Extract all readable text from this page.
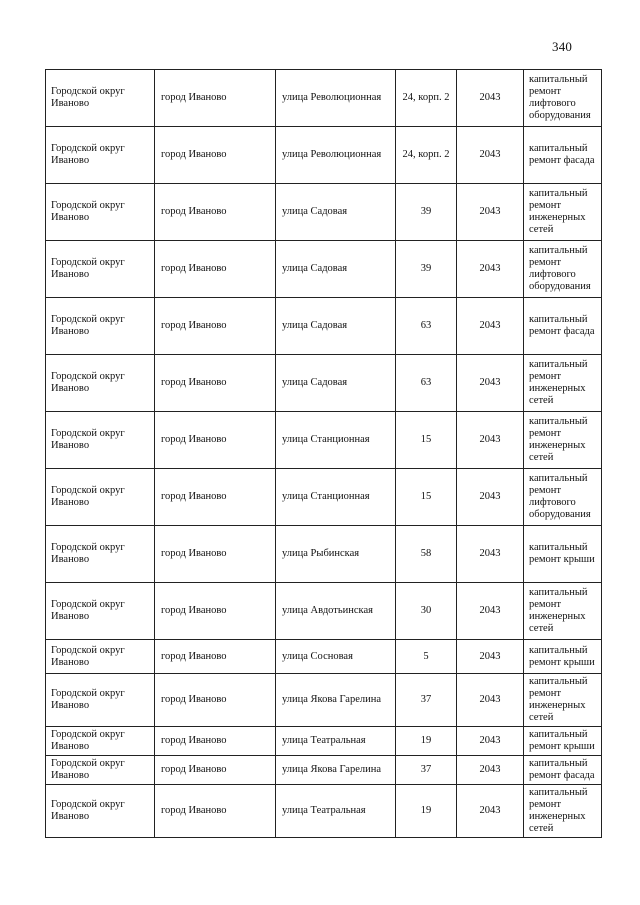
340
Городской округ Иваново	город Иваново	улица Революционная	24, корп. 2	2043	капитальный ремонт лифтового оборудования
Городской округ Иваново	город Иваново	улица Революционная	24, корп. 2	2043	капитальный ремонт фасада
Городской округ Иваново	город Иваново	улица Садовая	39	2043	капитальный ремонт инженерных сетей
Городской округ Иваново	город Иваново	улица Садовая	39	2043	капитальный ремонт лифтового оборудования
Городской округ Иваново	город Иваново	улица Садовая	63	2043	капитальный ремонт фасада
Городской округ Иваново	город Иваново	улица Садовая	63	2043	капитальный ремонт инженерных сетей
Городской округ Иваново	город Иваново	улица Станционная	15	2043	капитальный ремонт инженерных сетей
Городской округ Иваново	город Иваново	улица Станционная	15	2043	капитальный ремонт лифтового оборудования
Городской округ Иваново	город Иваново	улица Рыбинская	58	2043	капитальный ремонт крыши
Городской округ Иваново	город Иваново	улица Авдотьинская	30	2043	капитальный ремонт инженерных сетей
Городской округ Иваново	город Иваново	улица Сосновая	5	2043	капитальный ремонт крыши
Городской округ Иваново	город Иваново	улица Якова Гарелина	37	2043	капитальный ремонт инженерных сетей
Городской округ Иваново	город Иваново	улица Театральная	19	2043	капитальный ремонт крыши
Городской округ Иваново	город Иваново	улица Якова Гарелина	37	2043	капитальный ремонт фасада
Городской округ Иваново	город Иваново	улица Театральная	19	2043	капитальный ремонт инженерных сетей
